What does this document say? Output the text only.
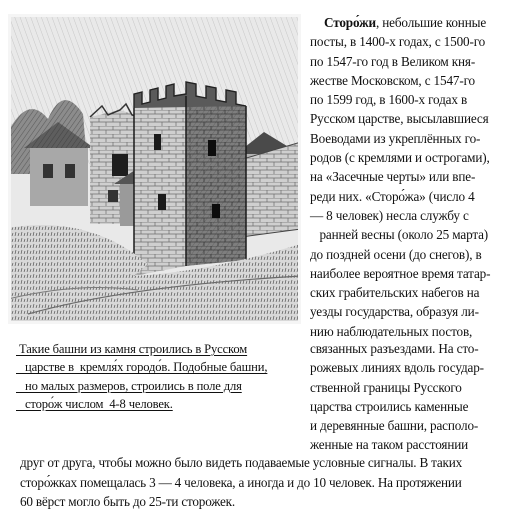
Сторо́жи, небольшие конные
посты, в 1400-х годах, с 1500-го
по 1547-го год в Великом кня-
жестве Московском, с 1547-го
по 1599 год, в 1600-х годах в
Русском царстве, высылавшиеся
Воеводами из укреплённых го-
родов (с кремлями и острогами),
на «Засечные черты» или впе-
реди них. «Сторо́жа» (число 4
— 8 человек) несла службу с
ранней весны (около 25 марта)
до поздней осени (до снегов), в
наиболее вероятное время татар-
ских грабительских набегов на
уезды государства, образуя ли-
нию наблюдательных постов,
Такие башни из камня строились в Русском
царстве в  кремля́х городо́в. Подобные башни,
но малых размеров, строились в поле для
сторо́ж числом  4-8 человек.
связанных разъездами. На сто-
рожевых линиях вдоль государ-
ственной границы Русского
царства строились каменные
и деревянные башни, располо-
женные на таком расстоянии
друг от друга, чтобы можно было видеть подаваемые условные сигналы. В таких
сторо́жках помещалась 3 — 4 человека, а иногда и до 10 человек. На протяжении
60 вёрст могло быть до 25-ти сторожек.
